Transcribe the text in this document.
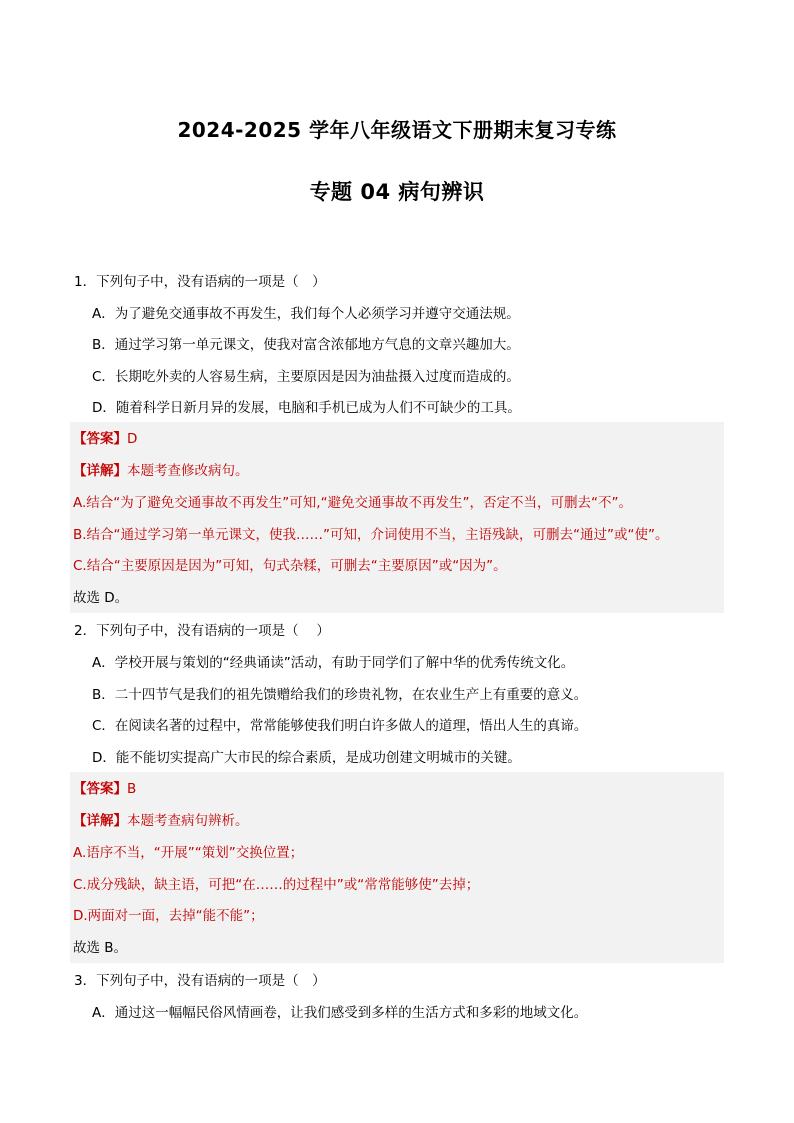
2024-2025 学年八年级语文下册期末复习专练
专题 04 病句辨识
1．下列句子中，没有语病的一项是（　）
A．为了避免交通事故不再发生，我们每个人必须学习并遵守交通法规。
B．通过学习第一单元课文，使我对富含浓郁地方气息的文章兴趣加大。
C．长期吃外卖的人容易生病，主要原因是因为油盐摄入过度而造成的。
D．随着科学日新月异的发展，电脑和手机已成为人们不可缺少的工具。
【答案】D
【详解】本题考查修改病句。
A.结合“为了避免交通事故不再发生”可知,“避免交通事故不再发生”，否定不当，可删去“不”。
B.结合“通过学习第一单元课文，使我……”可知，介词使用不当，主语残缺，可删去“通过”或“使”。
C.结合“主要原因是因为”可知，句式杂糅，可删去“主要原因”或“因为”。
故选 D。
2．下列句子中，没有语病的一项是（　 ）
A．学校开展与策划的“经典诵读”活动，有助于同学们了解中华的优秀传统文化。
B．二十四节气是我们的祖先馈赠给我们的珍贵礼物，在农业生产上有重要的意义。
C．在阅读名著的过程中，常常能够使我们明白许多做人的道理，悟出人生的真谛。
D．能不能切实提高广大市民的综合素质，是成功创建文明城市的关键。
【答案】B
【详解】本题考查病句辨析。
A.语序不当，“开展”“策划”交换位置；
C.成分残缺，缺主语，可把“在……的过程中”或“常常能够使”去掉；
D.两面对一面，去掉“能不能”；
故选 B。
3．下列句子中，没有语病的一项是（　）
A．通过这一幅幅民俗风情画卷，让我们感受到多样的生活方式和多彩的地域文化。
